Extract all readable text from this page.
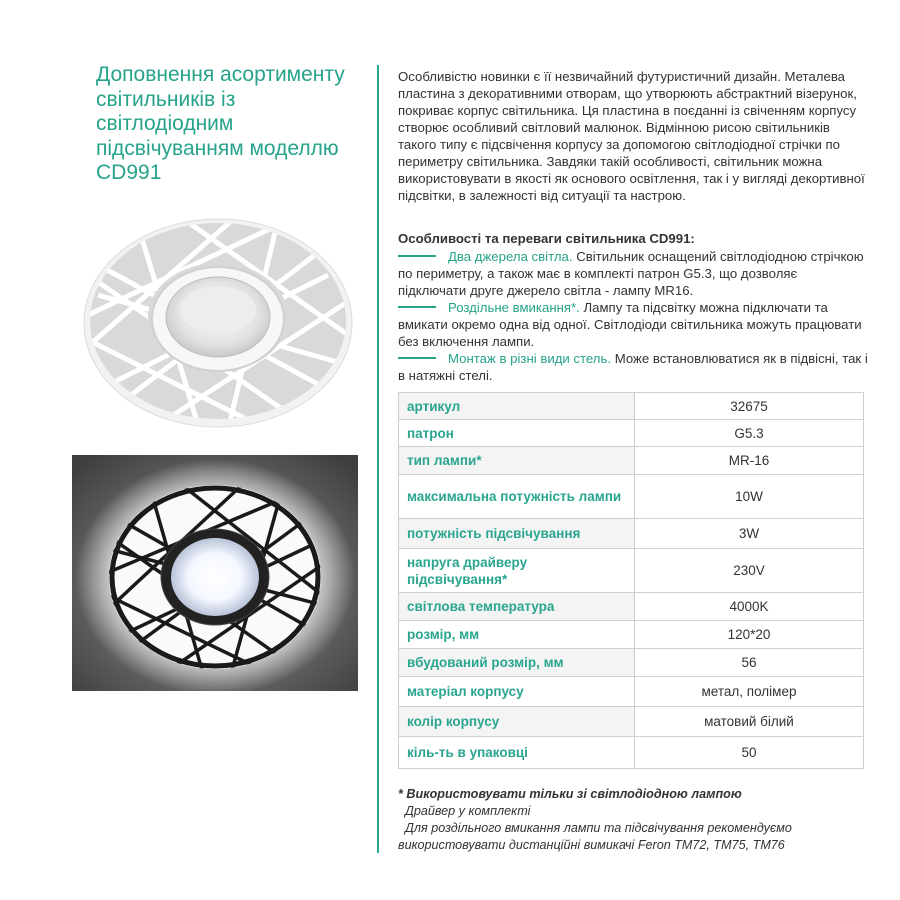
Доповнення асортименту світильників із світлодіодним підсвічуванням моделлю CD991

Особливістю новинки є її незвичайний футуристичний дизайн. Металева пластина з декоративними отворам, що утворюють абстрактний візерунок, покриває корпус світильника. Ця пластина в поєданні із свіченням корпусу створює особливий світловий малюнок. Відмінною рисою світильників такого типу є підсвічення корпусу за допомогою світлодіодної стрічки по периметру світильника. Завдяки такій особливості, світильник можна використовувати в якості як основого освітлення, так і у вигляді декортивної підсвітки, в залежності від ситуації та настрою.

Особливості та переваги світильника CD991:

Два джерела світла. Світильник оснащений світлодіодною стрічкою по периметру, а також має в комплекті патрон G5.3, що дозволяє підключати друге джерело світла - лампу MR16.

Роздільне вмикання*. Лампу та підсвітку можна підключати та вмикати окремо одна від одної. Світлодіоди світильника можуть працювати без включення лампи.

Монтаж в різні види стель. Може встановлюватися як в підвісні, так і в натяжні стелі.

артикул	32675
патрон	G5.3
тип лампи*	MR-16
максимальна потужність лампи	10W
потужність підсвічування	3W
напруга драйверу підсвічування*	230V
світлова температура	4000K
розмір, мм	120*20
вбудований розмір, мм	56
матеріал корпусу	метал, полімер
колір корпусу	матовий білий
кіль-ть в упаковці	50

* Використовувати тільки зі світлодіодною лампою

Драйвер у комплекті

Для роздільного вмикання лампи та підсвічування рекомендуємо використовувати дистанційні вимикачі Feron TM72, TM75, TM76
